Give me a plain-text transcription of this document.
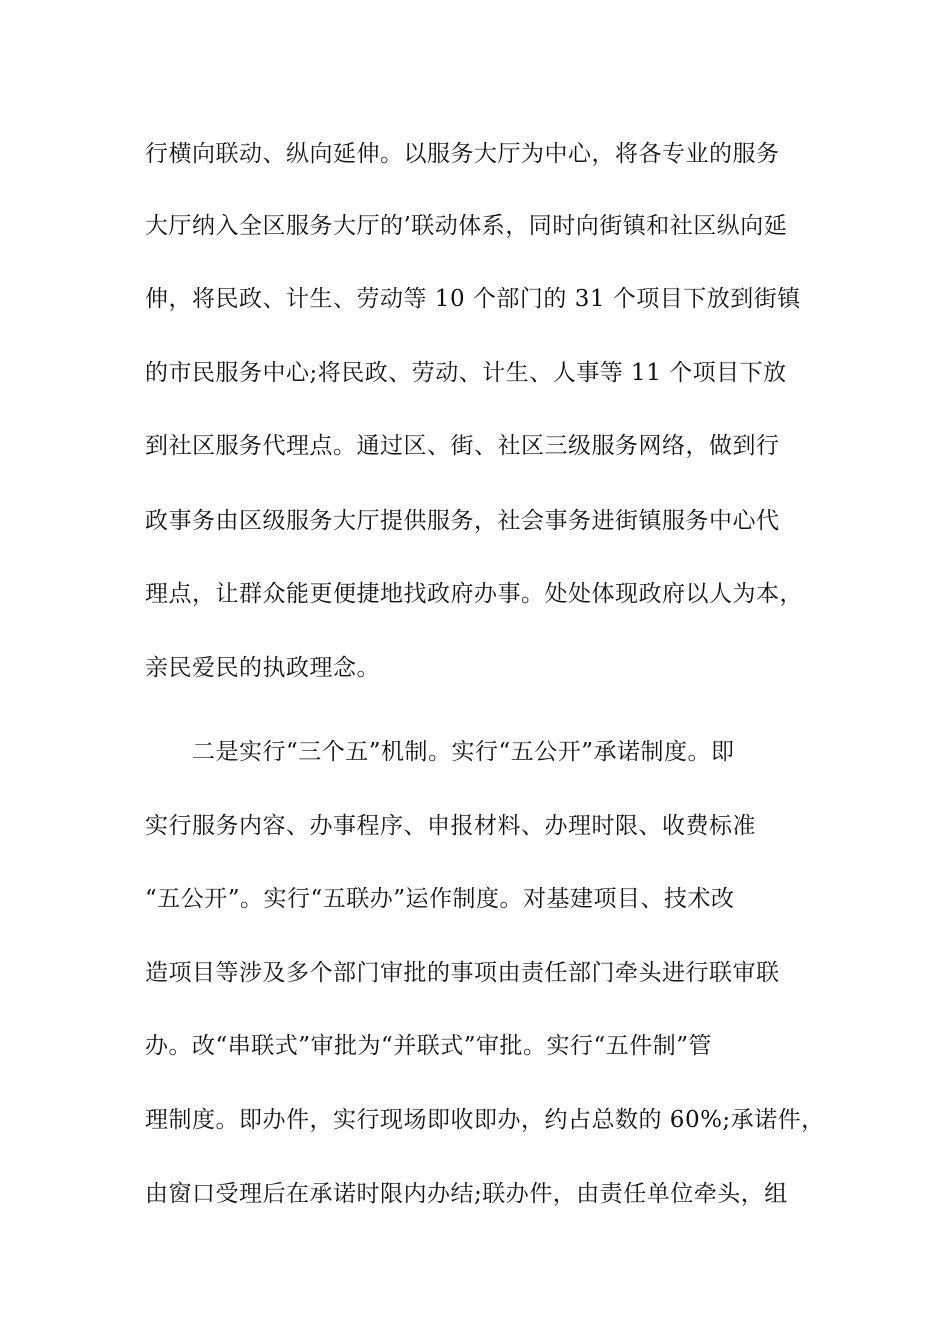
行横向联动、纵向延伸。以服务大厅为中心，将各专业的服务
大厅纳入全区服务大厅的’联动体系，同时向街镇和社区纵向延
伸，将民政、计生、劳动等 10 个部门的 31 个项目下放到街镇
的市民服务中心;将民政、劳动、计生、人事等 11 个项目下放
到社区服务代理点。通过区、街、社区三级服务网络，做到行
政事务由区级服务大厅提供服务，社会事务进街镇服务中心代
理点，让群众能更便捷地找政府办事。处处体现政府以人为本，
亲民爱民的执政理念。
二是实行“三个五”机制。实行“五公开”承诺制度。即
实行服务内容、办事程序、申报材料、办理时限、收费标准
“五公开”。实行“五联办”运作制度。对基建项目、技术改
造项目等涉及多个部门审批的事项由责任部门牵头进行联审联
办。改“串联式”审批为“并联式”审批。实行“五件制”管
理制度。即办件，实行现场即收即办，约占总数的 60%;承诺件，
由窗口受理后在承诺时限内办结;联办件，由责任单位牵头，组
